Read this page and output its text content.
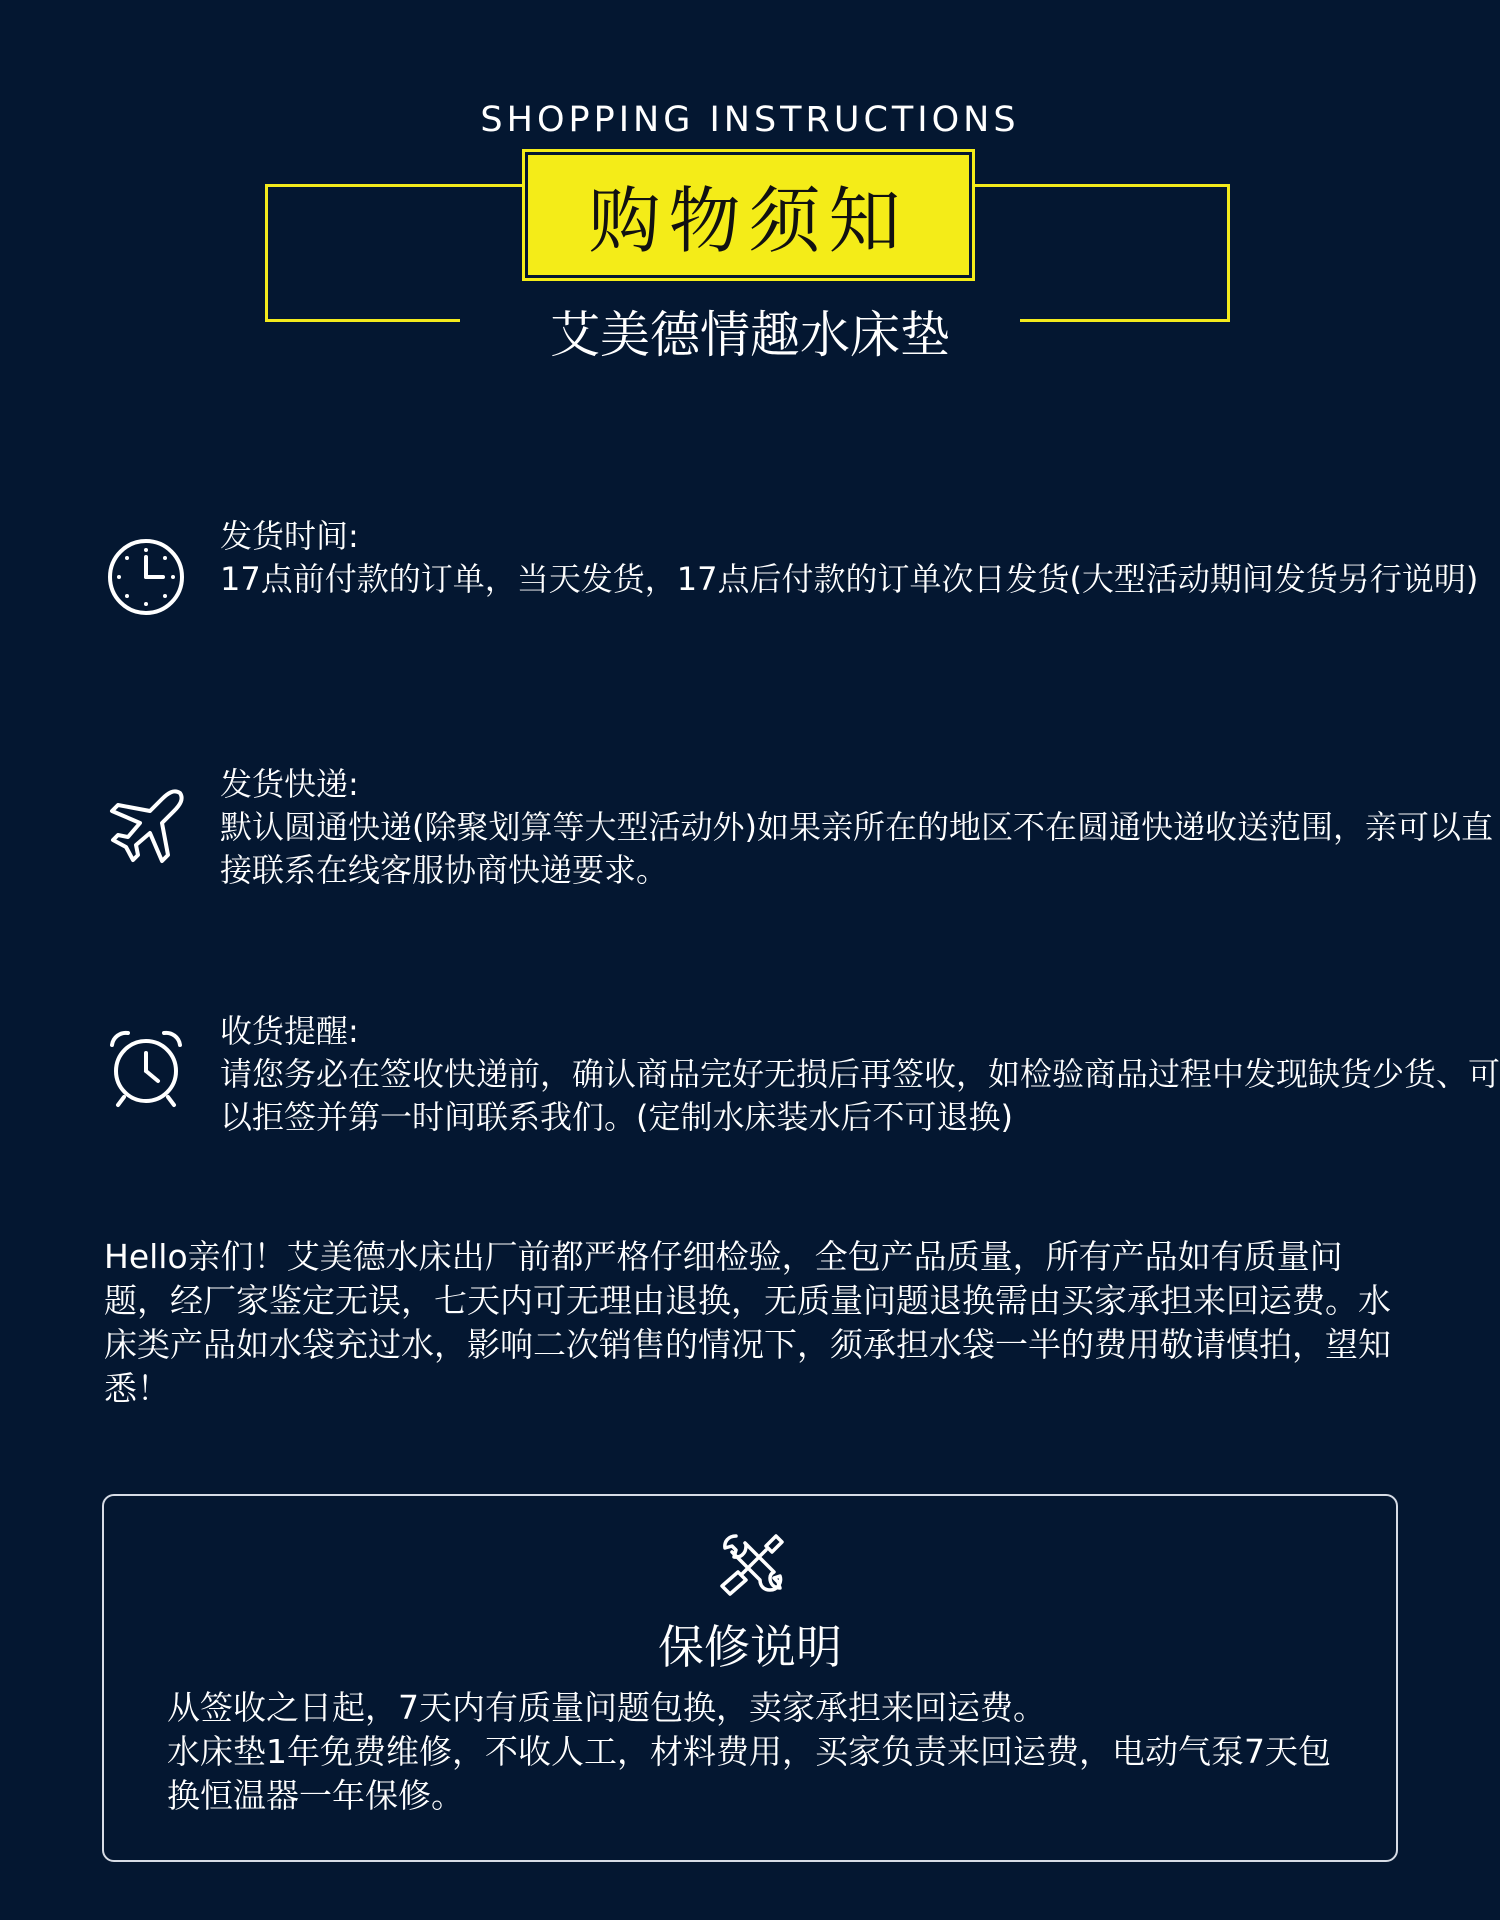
SHOPPING INSTRUCTIONS
购物须知
艾美德情趣水床垫
发货时间:
17点前付款的订单，当天发货，17点后付款的订单次日发货(大型活动期间发货另行说明)
发货快递:
默认圆通快递(除聚划算等大型活动外)如果亲所在的地区不在圆通快递收送范围，亲可以直接联系在线客服协商快递要求。
收货提醒:
请您务必在签收快递前，确认商品完好无损后再签收，如检验商品过程中发现缺货少货、可以拒签并第一时间联系我们。(定制水床装水后不可退换)
Hello亲们！艾美德水床出厂前都严格仔细检验，全包产品质量，所有产品如有质量问题，经厂家鉴定无误，七天内可无理由退换，无质量问题退换需由买家承担来回运费。水床类产品如水袋充过水，影响二次销售的情况下，须承担水袋一半的费用敬请慎拍，望知悉！
保修说明
从签收之日起，7天内有质量问题包换，卖家承担来回运费。
水床垫1年免费维修，不收人工，材料费用，买家负责来回运费，电动气泵7天包换恒温器一年保修。
